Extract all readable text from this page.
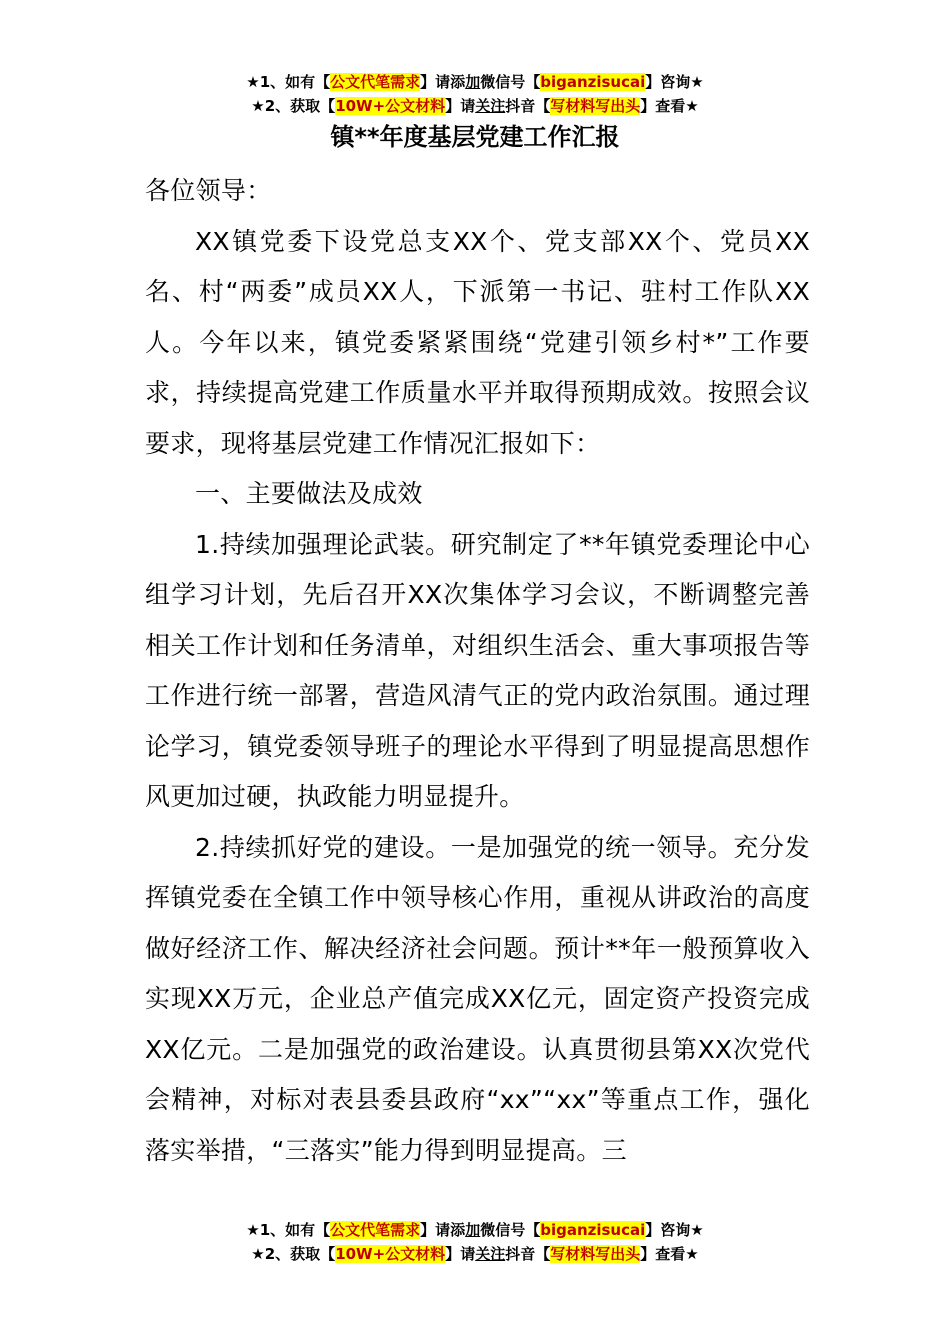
★1、如有【公文代笔需求】请添加微信号【biganzisucai】咨询★
★2、获取【10W+公文材料】请关注抖音【写材料写出头】查看★
镇**年度基层党建工作汇报

各位领导：

XX镇党委下设党总支XX个、党支部XX个、党员XX名、村“两委”成员XX人，下派第一书记、驻村工作队XX人。今年以来，镇党委紧紧围绕“党建引领乡村*”工作要求，持续提高党建工作质量水平并取得预期成效。按照会议要求，现将基层党建工作情况汇报如下：

一、主要做法及成效

1.持续加强理论武装。研究制定了**年镇党委理论中心组学习计划，先后召开XX次集体学习会议，不断调整完善相关工作计划和任务清单，对组织生活会、重大事项报告等工作进行统一部署，营造风清气正的党内政治氛围。通过理论学习，镇党委领导班子的理论水平得到了明显提高思想作风更加过硬，执政能力明显提升。

2.持续抓好党的建设。一是加强党的统一领导。充分发挥镇党委在全镇工作中领导核心作用，重视从讲政治的高度做好经济工作、解决经济社会问题。预计**年一般预算收入实现XX万元，企业总产值完成XX亿元，固定资产投资完成XX亿元。二是加强党的政治建设。认真贯彻县第XX次党代会精神，对标对表县委县政府“xx”“xx”等重点工作，强化落实举措，“三落实”能力得到明显提高。三

★1、如有【公文代笔需求】请添加微信号【biganzisucai】咨询★
★2、获取【10W+公文材料】请关注抖音【写材料写出头】查看★
